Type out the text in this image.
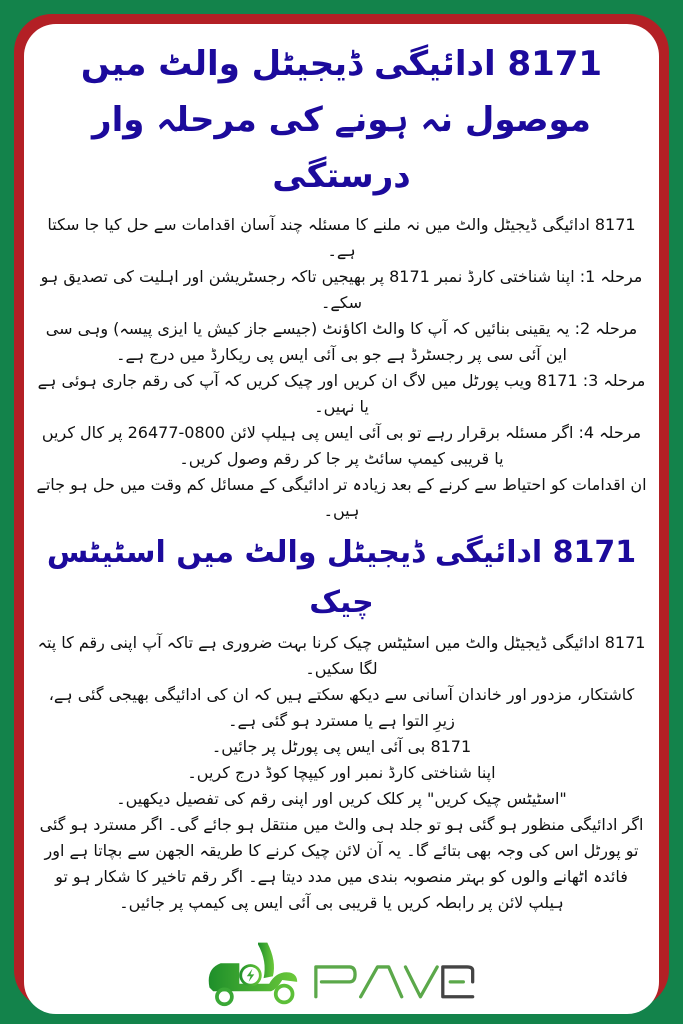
8171 ادائیگی ڈیجیٹل والٹ میں موصول نہ ہونے کی مرحلہ وار درستگی

8171 ادائیگی ڈیجیٹل والٹ میں نہ ملنے کا مسئلہ چند آسان اقدامات سے حل کیا جا سکتا ہے۔

مرحلہ 1: اپنا شناختی کارڈ نمبر 8171 پر بھیجیں تاکہ رجسٹریشن اور اہلیت کی تصدیق ہو سکے۔

مرحلہ 2: یہ یقینی بنائیں کہ آپ کا والٹ اکاؤنٹ (جیسے جاز کیش یا ایزی پیسہ) وہی سی این آئی سی پر رجسٹرڈ ہے جو بی آئی ایس پی ریکارڈ میں درج ہے۔

مرحلہ 3: 8171 ویب پورٹل میں لاگ ان کریں اور چیک کریں کہ آپ کی رقم جاری ہوئی ہے یا نہیں۔

مرحلہ 4: اگر مسئلہ برقرار رہے تو بی آئی ایس پی ہیلپ لائن 0800-26477 پر کال کریں یا قریبی کیمپ سائٹ پر جا کر رقم وصول کریں۔

ان اقدامات کو احتیاط سے کرنے کے بعد زیادہ تر ادائیگی کے مسائل کم وقت میں حل ہو جاتے ہیں۔

8171 ادائیگی ڈیجیٹل والٹ میں اسٹیٹس چیک

8171 ادائیگی ڈیجیٹل والٹ میں اسٹیٹس چیک کرنا بہت ضروری ہے تاکہ آپ اپنی رقم کا پتہ لگا سکیں۔

کاشتکار، مزدور اور خاندان آسانی سے دیکھ سکتے ہیں کہ ان کی ادائیگی بھیجی گئی ہے، زیرِ التوا ہے یا مسترد ہو گئی ہے۔

8171 بی آئی ایس پی پورٹل پر جائیں۔

اپنا شناختی کارڈ نمبر اور کیپچا کوڈ درج کریں۔

"اسٹیٹس چیک کریں" پر کلک کریں اور اپنی رقم کی تفصیل دیکھیں۔

اگر ادائیگی منظور ہو گئی ہو تو جلد ہی والٹ میں منتقل ہو جائے گی۔ اگر مسترد ہو گئی تو پورٹل اس کی وجہ بھی بتائے گا۔ یہ آن لائن چیک کرنے کا طریقہ الجھن سے بچاتا ہے اور فائدہ اٹھانے والوں کو بہتر منصوبہ بندی میں مدد دیتا ہے۔ اگر رقم تاخیر کا شکار ہو تو ہیلپ لائن پر رابطہ کریں یا قریبی بی آئی ایس پی کیمپ پر جائیں۔
